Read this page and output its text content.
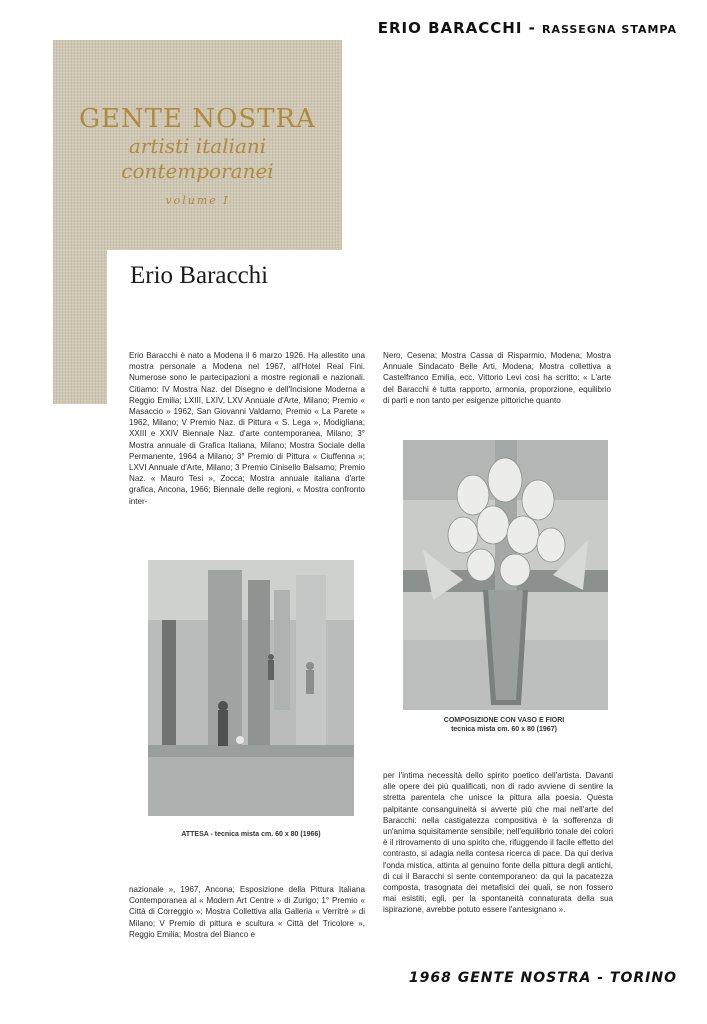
ERIO BARACCHI - RASSEGNA STAMPA
GENTE NOSTRA
artisti italiani
contemporanei
volume I
Erio Baracchi
Erio Baracchi è nato a Modena il 6 marzo 1926. Ha allestito una mostra personale a Modena nel 1967, all'Hotel Real Fini. Numerose sono le partecipazioni a mostre regionali e nazionali. Citiamo: IV Mostra Naz. del Disegno e dell'Incisione Moderna a Reggio Emilia; LXIII, LXIV, LXV Annuale d'Arte, Milano; Premio « Masaccio » 1962, San Giovanni Valdarno; Premio « La Parete » 1962, Milano; V Premio Naz. di Pittura « S. Lega », Modigliana; XXIII e XXIV Biennale Naz. d'arte contemporanea, Milano; 3° Mostra annuale di Grafica Italiana, Milano; Mostra Sociale della Permanente, 1964 a Milano; 3° Premio di Pittura « Ciuffenna »; LXVI Annuale d'Arte, Milano; 3 Premio Cinisello Balsamo; Premio Naz. « Mauro Tesi », Zocca; Mostra annuale italiana d'arte grafica, Ancona, 1966; Biennale delle regioni, « Mostra confronto inter-
Nero, Cesena; Mostra Cassa di Risparmio, Modena; Mostra Annuale Sindacato Belle Arti, Modena; Mostra collettiva a Castelfranco Emilia, ecc. Vittorio Levi così ha scritto: « L'arte del Baracchi è tutta rapporto, armonia, proporzione, equilibrio di parti e non tanto per esigenze pittoriche quanto
per l'intima necessità dello spirito poetico dell'artista. Davanti alle opere dei più qualificati, non di rado avviene di sentire la stretta parentela che unisce la pittura alla poesia. Questa palpitante consanguineità si avverte più che mai nell'arte del Baracchi: nella castigatezza compositiva è la sofferenza di un'anima squisitamente sensibile; nell'equilibrio tonale dei colori è il ritrovamento di uno spirito che, rifuggendo il facile effetto del contrasto, si adagia nella contesa ricerca di pace. Da qui deriva l'onda mistica, attinta al genuino fonte della pittura degli antichi, di cui il Baracchi si sente contemporaneo: da qui la pacatezza composta, trasognata dei metafisici dei quali, se non fossero mai esistiti, egli, per la spontaneità connaturata della sua ispirazione, avrebbe potuto essere l'antesignano ».
nazionale », 1967, Ancona; Esposizione della Pittura Italiana Contemporanea al « Modern Art Centre » di Zurigo; 1° Premio « Città di Correggio »; Mostra Collettiva alla Galleria « Verritrè » di Milano; V Premio di pittura e scultura « Città del Tricolore », Reggio Emilia; Mostra del Bianco e
ATTESA - tecnica mista cm. 60 x 80 (1966)
COMPOSIZIONE CON VASO E FIORI
tecnica mista cm. 60 x 80 (1967)
1968 GENTE NOSTRA - TORINO
